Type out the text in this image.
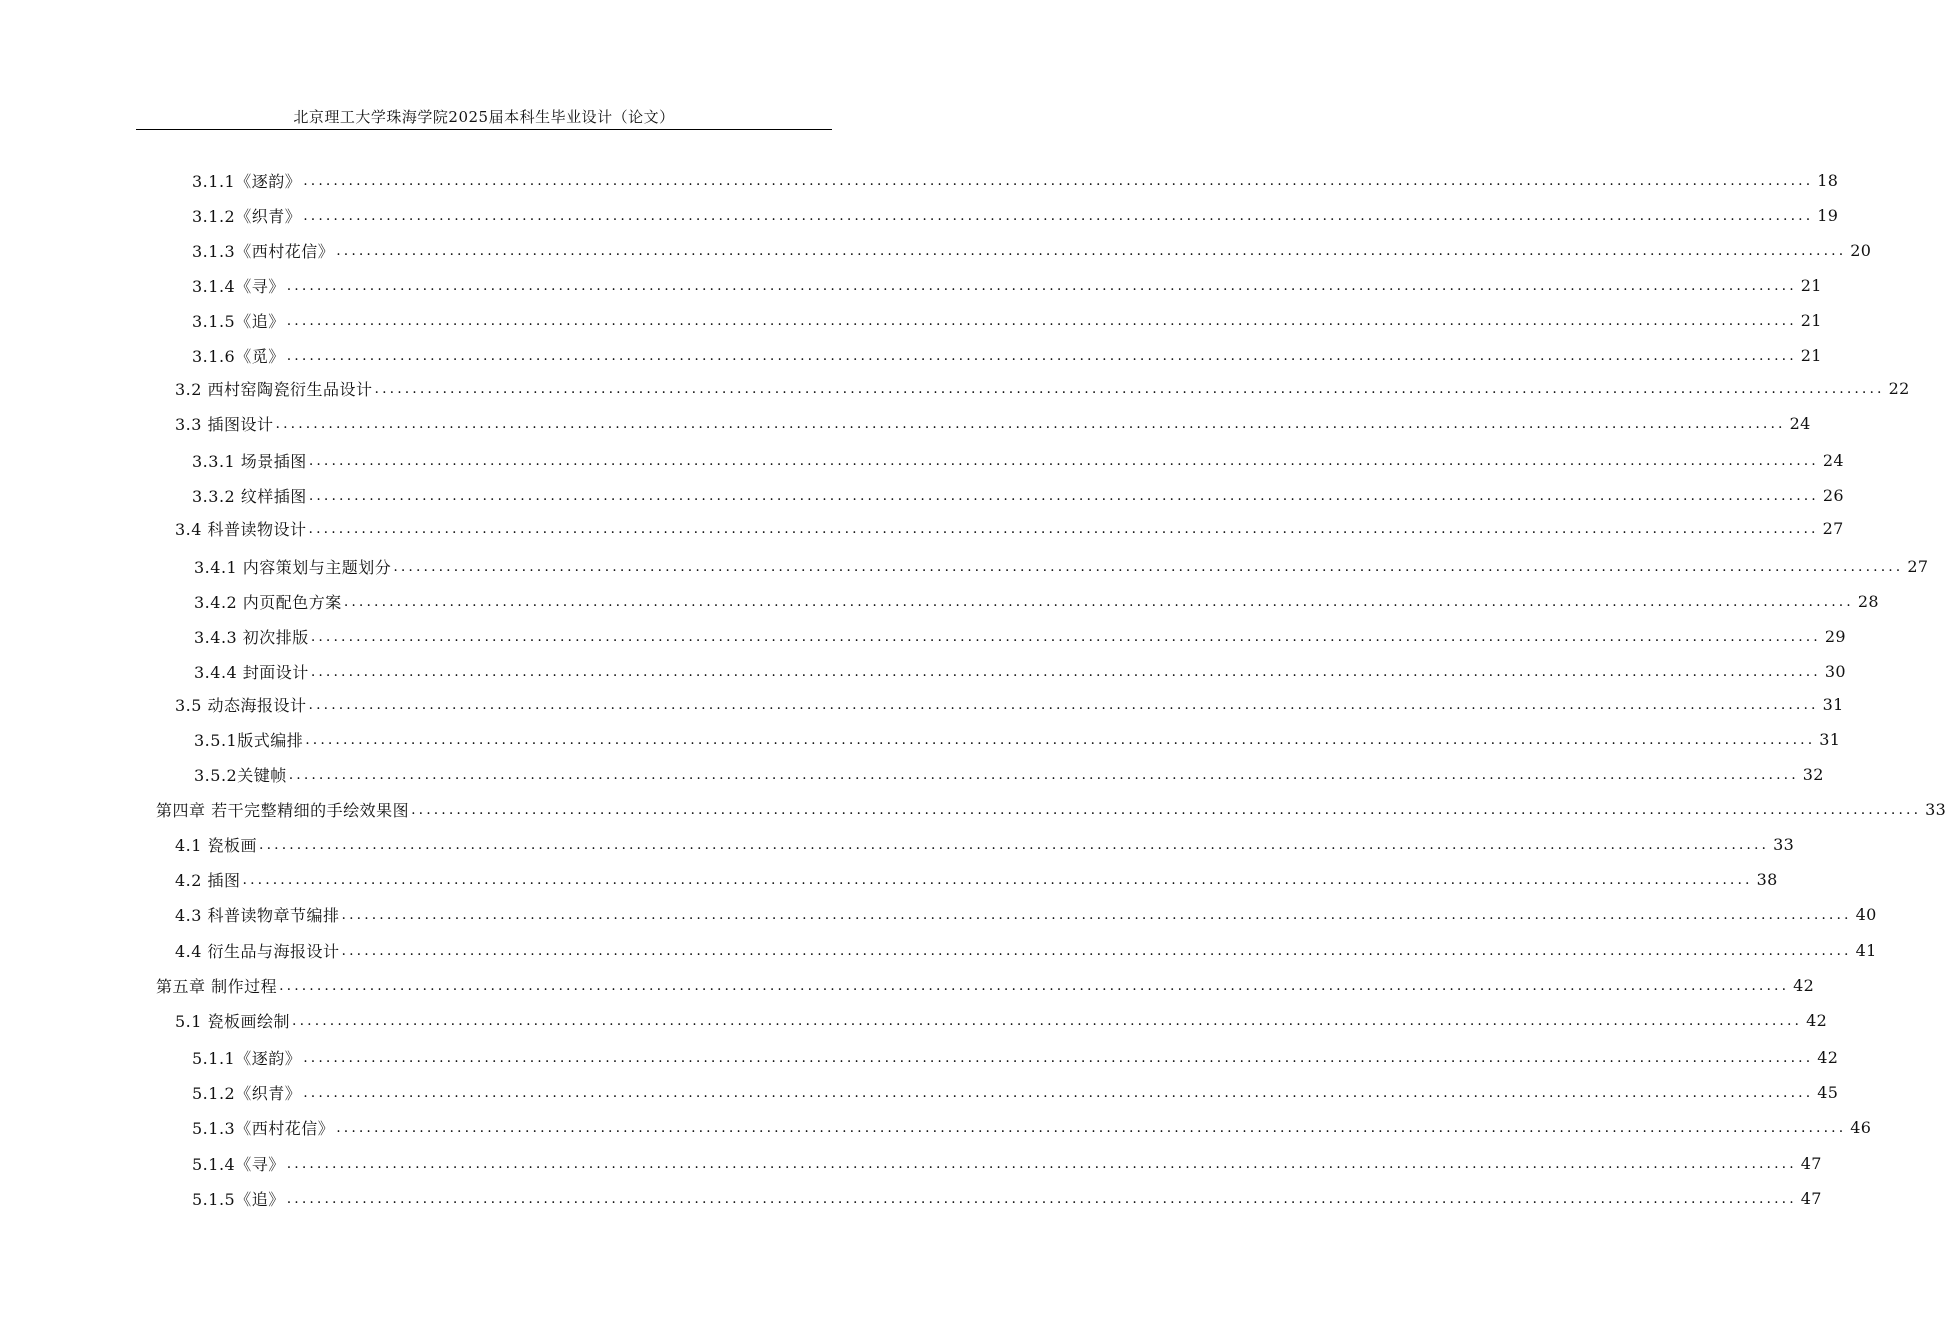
北京理工大学珠海学院2025届本科生毕业设计（论文）
3.1.1《逐韵》 ........................................................................................................................................................................................................ 18
3.1.2《织青》 ........................................................................................................................................................................................................ 19
3.1.3《西村花信》 ........................................................................................................................................................................................................ 20
3.1.4《寻》 ........................................................................................................................................................................................................ 21
3.1.5《追》 ........................................................................................................................................................................................................ 21
3.1.6《觅》 ........................................................................................................................................................................................................ 21
3.2 西村窑陶瓷衍生品设计 ........................................................................................................................................................................................................ 22
3.3 插图设计 ........................................................................................................................................................................................................ 24
3.3.1 场景插图 ........................................................................................................................................................................................................ 24
3.3.2 纹样插图 ........................................................................................................................................................................................................ 26
3.4 科普读物设计 ........................................................................................................................................................................................................ 27
3.4.1 内容策划与主题划分 ........................................................................................................................................................................................................ 27
3.4.2 内页配色方案 ........................................................................................................................................................................................................ 28
3.4.3 初次排版 ........................................................................................................................................................................................................ 29
3.4.4 封面设计 ........................................................................................................................................................................................................ 30
3.5 动态海报设计 ........................................................................................................................................................................................................ 31
3.5.1版式编排 ........................................................................................................................................................................................................ 31
3.5.2关键帧 ........................................................................................................................................................................................................ 32
第四章 若干完整精细的手绘效果图 ........................................................................................................................................................................................................ 33
4.1 瓷板画 ........................................................................................................................................................................................................ 33
4.2 插图 ........................................................................................................................................................................................................ 38
4.3 科普读物章节编排 ........................................................................................................................................................................................................ 40
4.4 衍生品与海报设计 ........................................................................................................................................................................................................ 41
第五章 制作过程 ........................................................................................................................................................................................................ 42
5.1 瓷板画绘制 ........................................................................................................................................................................................................ 42
5.1.1《逐韵》 ........................................................................................................................................................................................................ 42
5.1.2《织青》 ........................................................................................................................................................................................................ 45
5.1.3《西村花信》 ........................................................................................................................................................................................................ 46
5.1.4《寻》 ........................................................................................................................................................................................................ 47
5.1.5《追》 ........................................................................................................................................................................................................ 47
